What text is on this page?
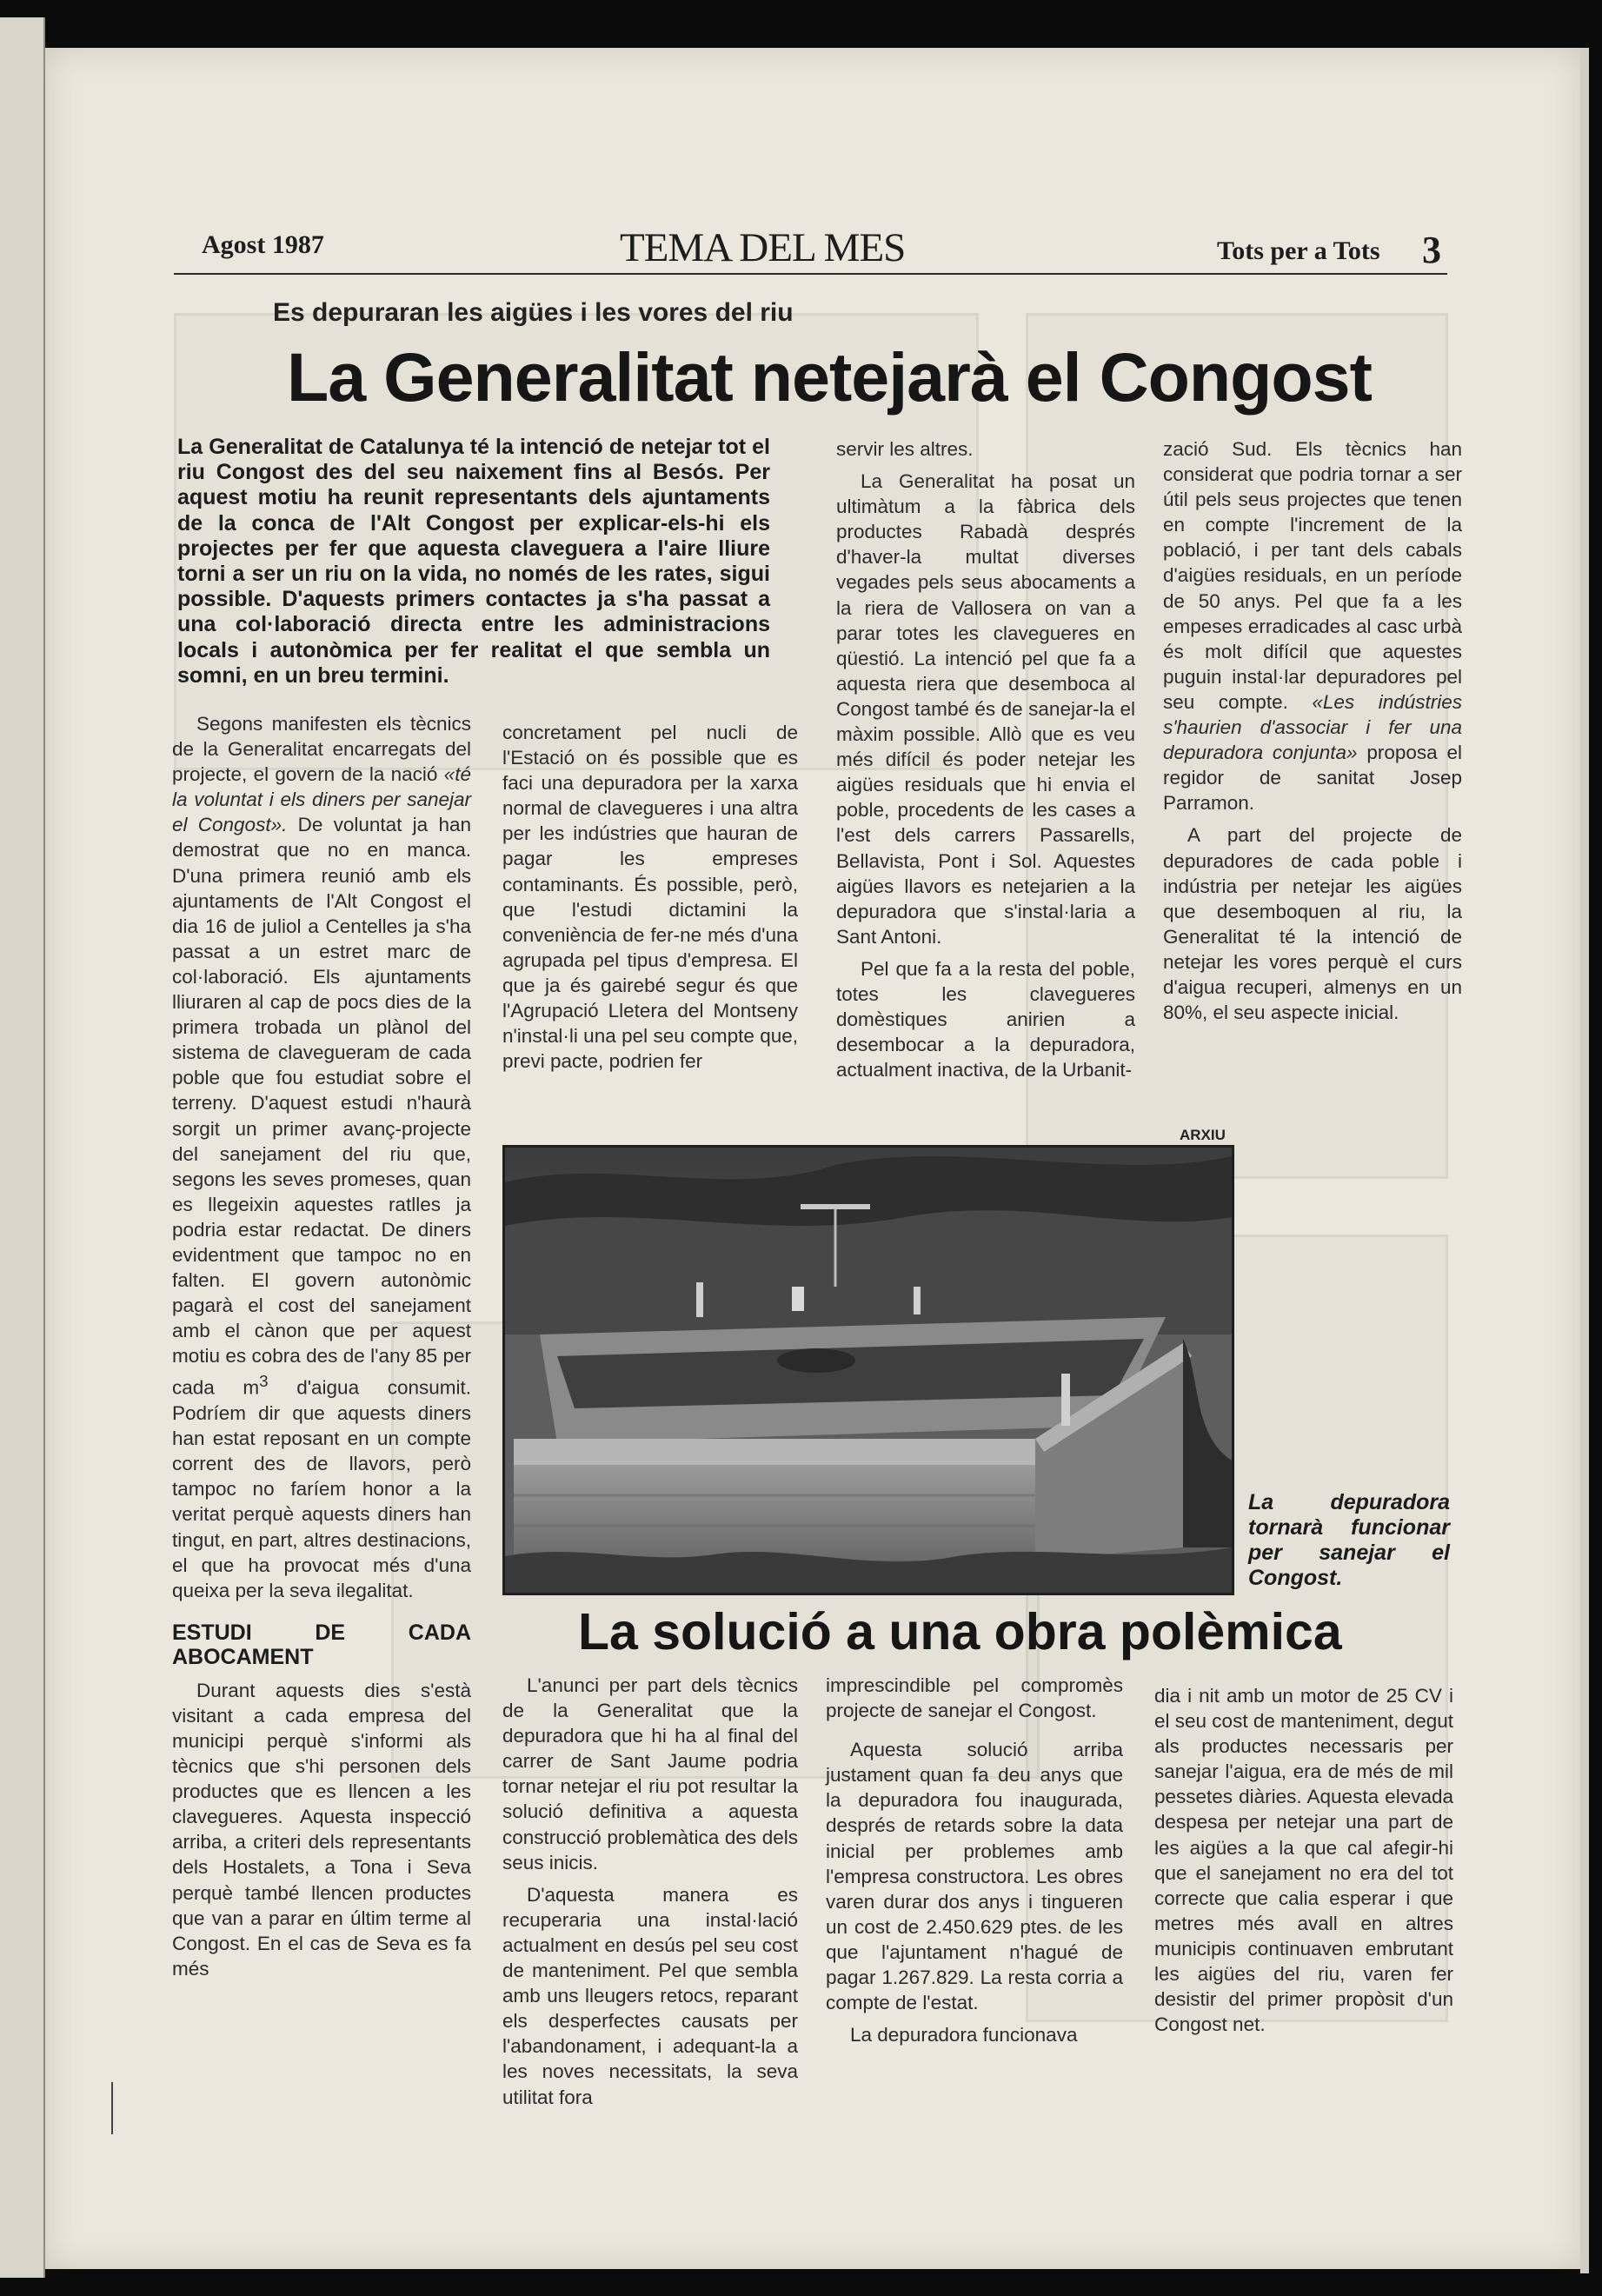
Agost 1987	TEMA DEL MES	Tots per a Tots 3
Es depuraran les aigües i les vores del riu
La Generalitat netejarà el Congost

La Generalitat de Catalunya té la intenció de netejar tot el riu Congost des del seu naixement fins al Besós. Per aquest motiu ha reunit representants dels ajuntaments de la conca de l'Alt Congost per explicar-els-hi els projectes per fer que aquesta claveguera a l'aire lliure torni a ser un riu on la vida, no només de les rates, sigui possible. D'aquests primers contactes ja s'ha passat a una col·laboració directa entre les administracions locals i autonòmica per fer realitat el que sembla un somni, en un breu termini.

Segons manifesten els tècnics de la Generalitat encarregats del projecte, el govern de la nació «té la voluntat i els diners per sanejar el Congost». De voluntat ja han demostrat que no en manca. D'una primera reunió amb els ajuntaments de l'Alt Congost el dia 16 de juliol a Centelles ja s'ha passat a un estret marc de col·laboració. Els ajuntaments lliuraren al cap de pocs dies de la primera trobada un plànol del sistema de clavegueram de cada poble que fou estudiat sobre el terreny. D'aquest estudi n'haurà sorgit un primer avanç-projecte del sanejament del riu que, segons les seves promeses, quan es llegeixin aquestes ratlles ja podria estar redactat. De diners evidentment que tampoc no en falten. El govern autonòmic pagarà el cost del sanejament amb el cànon que per aquest motiu es cobra des de l'any 85 per cada $m^3$ d'aigua consumit. Podríem dir que aquests diners han estat reposant en un compte corrent des de llavors, però tampoc no faríem honor a la veritat perquè aquests diners han tingut, en part, altres destinacions, el que ha provocat més d'una queixa per la seva ilegalitat.

ESTUDI DE CADA ABOCAMENT

Durant aquests dies s'està visitant a cada empresa del municipi perquè s'informi als tècnics que s'hi personen dels productes que es llencen a les clavegueres. Aquesta inspecció arriba, a criteri dels representants dels Hostalets, a Tona i Seva perquè també llencen productes que van a parar en últim terme al Congost. En el cas de Seva es fa més

concretament pel nucli de l'Estació on és possible que es faci una depuradora per la xarxa normal de clavegueres i una altra per les indústries que hauran de pagar les empreses contaminants. És possible, però, que l'estudi dictamini la conveniència de fer-ne més d'una agrupada pel tipus d'empresa. El que ja és gairebé segur és que l'Agrupació Lletera del Montseny n'instal·li una pel seu compte que, previ pacte, podrien fer

servir les altres.

La Generalitat ha posat un ultimàtum a la fàbrica dels productes Rabadà després d'haver-la multat diverses vegades pels seus abocaments a la riera de Vallosera on van a parar totes les clavegueres en qüestió. La intenció pel que fa a aquesta riera que desemboca al Congost també és de sanejar-la el màxim possible. Allò que es veu més difícil és poder netejar les aigües residuals que hi envia el poble, procedents de les cases a l'est dels carrers Passarells, Bellavista, Pont i Sol. Aquestes aigües llavors es netejarien a la depuradora que s'instal·laria a Sant Antoni.

Pel que fa a la resta del poble, totes les clavegueres domèstiques anirien a desembocar a la depuradora, actualment inactiva, de la Urbanit-

zació Sud. Els tècnics han considerat que podria tornar a ser útil pels seus projectes que tenen en compte l'increment de la població, i per tant dels cabals d'aigües residuals, en un període de 50 anys. Pel que fa a les empeses erradicades al casc urbà és molt difícil que aquestes puguin instal·lar depuradores pel seu compte. «Les indústries s'haurien d'associar i fer una depuradora conjunta» proposa el regidor de sanitat Josep Parramon.

A part del projecte de depuradores de cada poble i indústria per netejar les aigües que desemboquen al riu, la Generalitat té la intenció de netejar les vores perquè el curs d'aigua recuperi, almenys en un 80%, el seu aspecte inicial.

ARXIU
La depuradora tornarà funcionar per sanejar el Congost.
La solució a una obra polèmica

L'anunci per part dels tècnics de la Generalitat que la depuradora que hi ha al final del carrer de Sant Jaume podria tornar netejar el riu pot resultar la solució definitiva a aquesta construcció problemàtica des dels seus inicis.

D'aquesta manera es recuperaria una instal·lació actualment en desús pel seu cost de manteniment. Pel que sembla amb uns lleugers retocs, reparant els desperfectes causats per l'abandonament, i adequant-la a les noves necessitats, la seva utilitat fora

imprescindible pel compromès projecte de sanejar el Congost.

Aquesta solució arriba justament quan fa deu anys que la depuradora fou inaugurada, després de retards sobre la data inicial per problemes amb l'empresa constructora. Les obres varen durar dos anys i tingueren un cost de 2.450.629 ptes. de les que l'ajuntament n'hagué de pagar 1.267.829. La resta corria a compte de l'estat.

La depuradora funcionava

dia i nit amb un motor de 25 CV i el seu cost de manteniment, degut als productes necessaris per sanejar l'aigua, era de més de mil pessetes diàries. Aquesta elevada despesa per netejar una part de les aigües a la que cal afegir-hi que el sanejament no era del tot correcte que calia esperar i que metres més avall en altres municipis continuaven embrutant les aigües del riu, varen fer desistir del primer propòsit d'un Congost net.
